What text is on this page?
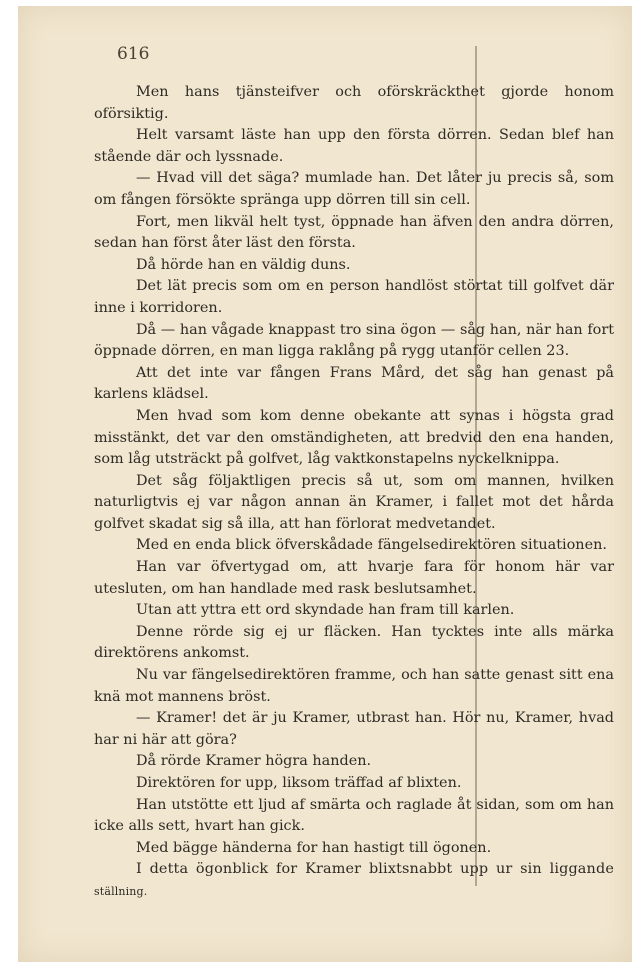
616

Men hans tjänsteifver och oförskräckthet gjorde honom oförsiktig.

Helt varsamt läste han upp den första dörren. Sedan blef han stående där och lyssnade.

— Hvad vill det säga? mumlade han. Det låter ju precis så, som om fången försökte spränga upp dörren till sin cell.

Fort, men likväl helt tyst, öppnade han äfven den andra dörren, sedan han först åter läst den första.

Då hörde han en väldig duns.

Det lät precis som om en person handlöst störtat till golfvet där inne i korridoren.

Då — han vågade knappast tro sina ögon — såg han, när han fort öppnade dörren, en man ligga raklång på rygg utanför cellen 23.

Att det inte var fången Frans Mård, det såg han genast på karlens klädsel.

Men hvad som kom denne obekante att synas i högsta grad misstänkt, det var den omständigheten, att bredvid den ena handen, som låg utsträckt på golfvet, låg vaktkonstapelns nyckelknippa.

Det såg följaktligen precis så ut, som om mannen, hvilken naturligtvis ej var någon annan än Kramer, i fallet mot det hårda golfvet skadat sig så illa, att han förlorat medvetandet.

Med en enda blick öfverskådade fängelsedirektören situationen.

Han var öfvertygad om, att hvarje fara för honom här var utesluten, om han handlade med rask beslutsamhet.

Utan att yttra ett ord skyndade han fram till karlen.

Denne rörde sig ej ur fläcken. Han tycktes inte alls märka direktörens ankomst.

Nu var fängelsedirektören framme, och han satte genast sitt ena knä mot mannens bröst.

— Kramer! det är ju Kramer, utbrast han. Hör nu, Kramer, hvad har ni här att göra?

Då rörde Kramer högra handen.

Direktören for upp, liksom träffad af blixten.

Han utstötte ett ljud af smärta och raglade åt sidan, som om han icke alls sett, hvart han gick.

Med bägge händerna for han hastigt till ögonen.

I detta ögonblick for Kramer blixtsnabbt upp ur sin liggande ställning.
